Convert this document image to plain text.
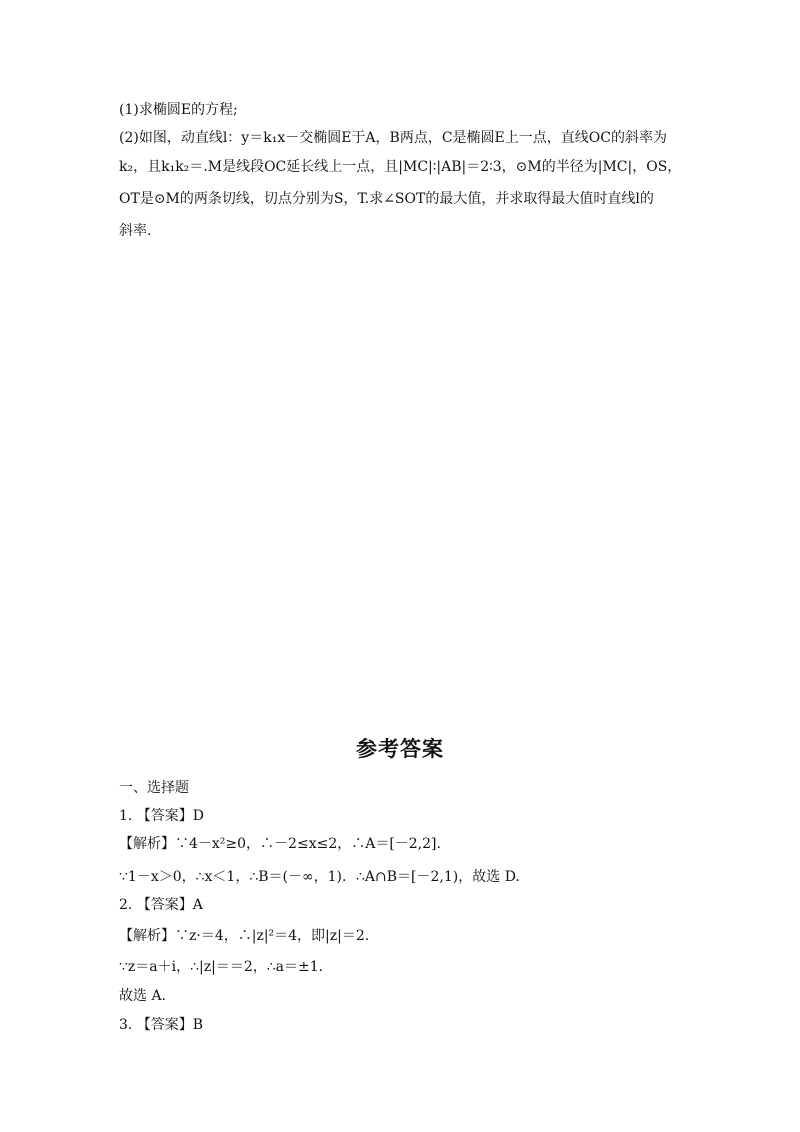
(1)求椭圆E的方程;
(2)如图，动直线l：y＝k₁x－交椭圆E于A，B两点，C是椭圆E上一点，直线OC的斜率为
k₂，且k₁k₂＝.M是线段OC延长线上一点，且|MC|∶|AB|＝2∶3，⊙M的半径为|MC|，OS，
OT是⊙M的两条切线，切点分别为S，T.求∠SOT的最大值，并求取得最大值时直线l的
斜率.
参考答案
一、选择题
1. 【答案】D
【解析】∵4－x²≥0，∴－2≤x≤2，∴A＝[－2,2].
∵1－x＞0，∴x＜1，∴B＝(－∞，1)．∴A∩B＝[－2,1)，故选 D.
2. 【答案】A
【解析】∵z·＝4，∴|z|²＝4，即|z|＝2.
∵z＝a＋i，∴|z|＝＝2，∴a＝±1.
故选 A.
3. 【答案】B
